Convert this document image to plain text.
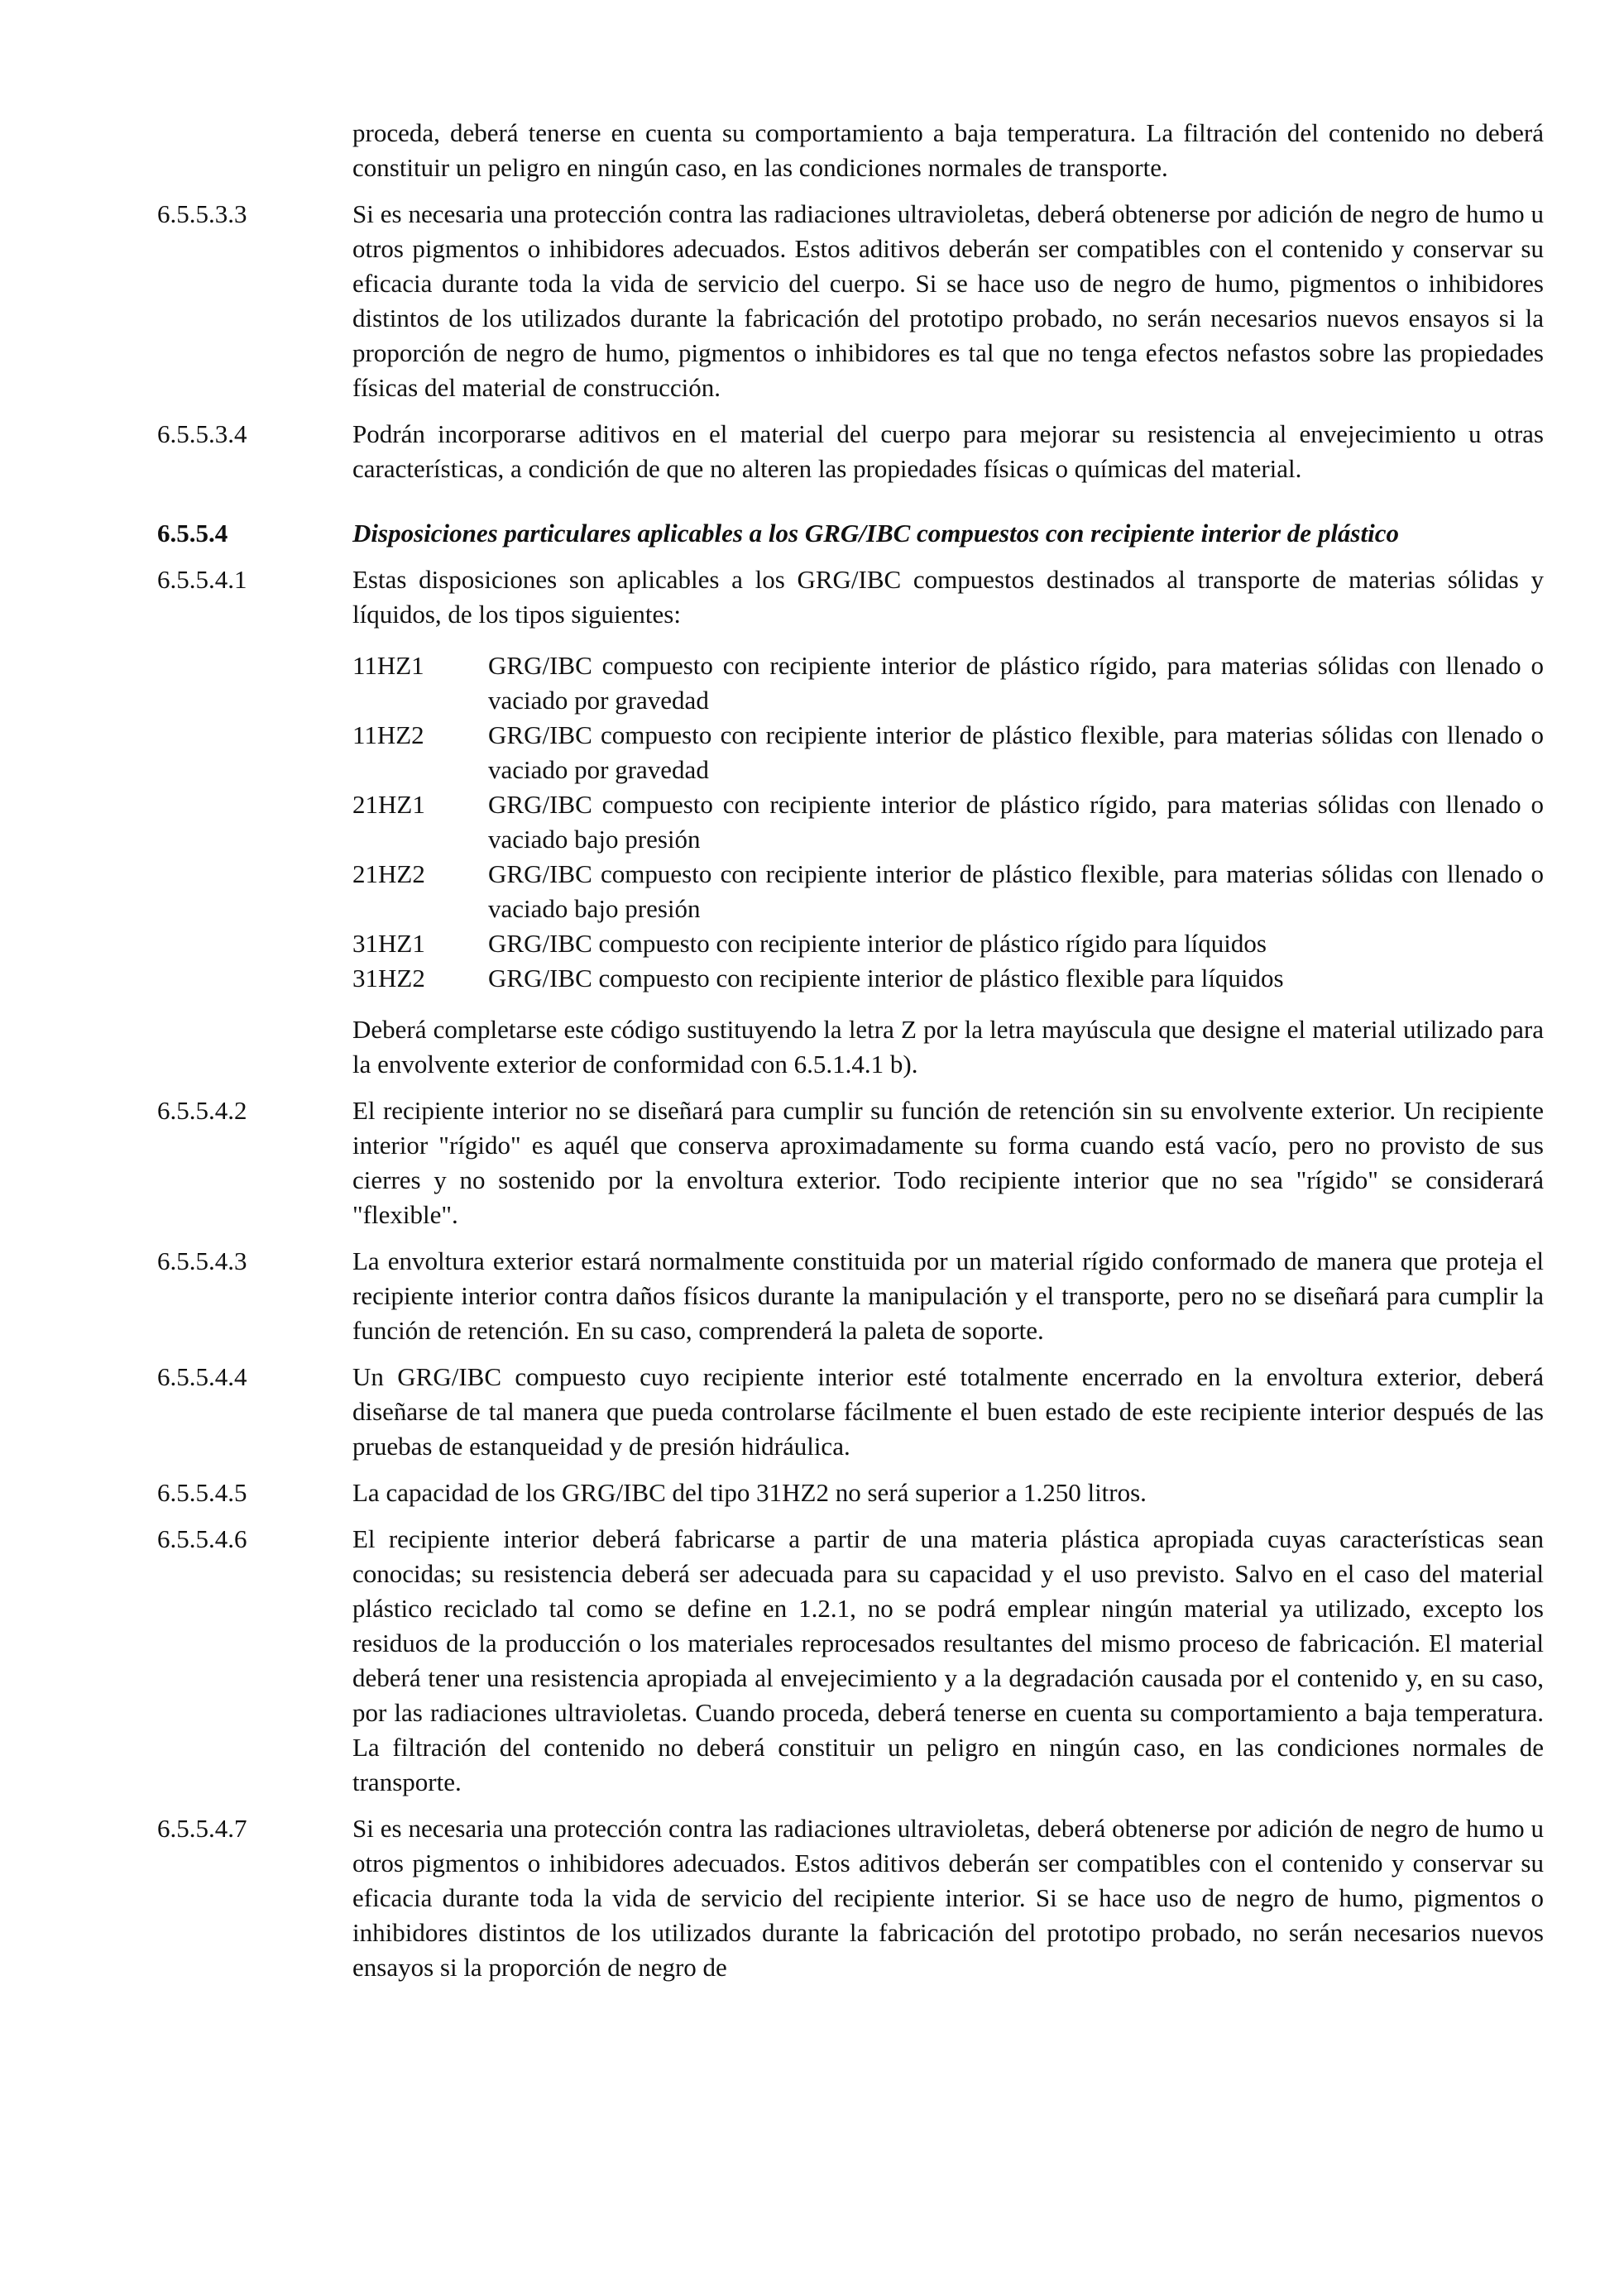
proceda, deberá tenerse en cuenta su comportamiento a baja temperatura. La filtración del contenido no deberá constituir un peligro en ningún caso, en las condiciones normales de transporte.

6.5.5.3.3	Si es necesaria una protección contra las radiaciones ultravioletas, deberá obtenerse por adición de negro de humo u otros pigmentos o inhibidores adecuados. Estos aditivos deberán ser compatibles con el contenido y conservar su eficacia durante toda la vida de servicio del cuerpo. Si se hace uso de negro de humo, pigmentos o inhibidores distintos de los utilizados durante la fabricación del prototipo probado, no serán necesarios nuevos ensayos si la proporción de negro de humo, pigmentos o inhibidores es tal que no tenga efectos nefastos sobre las propiedades físicas del material de construcción.

6.5.5.3.4	Podrán incorporarse aditivos en el material del cuerpo para mejorar su resistencia al envejecimiento u otras características, a condición de que no alteren las propiedades físicas o químicas del material.

6.5.5.4	Disposiciones particulares aplicables a los GRG/IBC compuestos con recipiente interior de plástico

6.5.5.4.1	Estas disposiciones son aplicables a los GRG/IBC compuestos destinados al transporte de materias sólidas y líquidos, de los tipos siguientes:

11HZ1	GRG/IBC compuesto con recipiente interior de plástico rígido, para materias sólidas con llenado o vaciado por gravedad
11HZ2	GRG/IBC compuesto con recipiente interior de plástico flexible, para materias sólidas con llenado o vaciado por gravedad
21HZ1	GRG/IBC compuesto con recipiente interior de plástico rígido, para materias sólidas con llenado o vaciado bajo presión
21HZ2	GRG/IBC compuesto con recipiente interior de plástico flexible, para materias sólidas con llenado o vaciado bajo presión
31HZ1	GRG/IBC compuesto con recipiente interior de plástico rígido para líquidos
31HZ2	GRG/IBC compuesto con recipiente interior de plástico flexible para líquidos

Deberá completarse este código sustituyendo la letra Z por la letra mayúscula que designe el material utilizado para la envolvente exterior de conformidad con 6.5.1.4.1 b).

6.5.5.4.2	El recipiente interior no se diseñará para cumplir su función de retención sin su envolvente exterior. Un recipiente interior "rígido" es aquél que conserva aproximadamente su forma cuando está vacío, pero no provisto de sus cierres y no sostenido por la envoltura exterior. Todo recipiente interior que no sea "rígido" se considerará "flexible".

6.5.5.4.3	La envoltura exterior estará normalmente constituida por un material rígido conformado de manera que proteja el recipiente interior contra daños físicos durante la manipulación y el transporte, pero no se diseñará para cumplir la función de retención. En su caso, comprenderá la paleta de soporte.

6.5.5.4.4	Un GRG/IBC compuesto cuyo recipiente interior esté totalmente encerrado en la envoltura exterior, deberá diseñarse de tal manera que pueda controlarse fácilmente el buen estado de este recipiente interior después de las pruebas de estanqueidad y de presión hidráulica.

6.5.5.4.5	La capacidad de los GRG/IBC del tipo 31HZ2 no será superior a 1.250 litros.

6.5.5.4.6	El recipiente interior deberá fabricarse a partir de una materia plástica apropiada cuyas características sean conocidas; su resistencia deberá ser adecuada para su capacidad y el uso previsto. Salvo en el caso del material plástico reciclado tal como se define en 1.2.1, no se podrá emplear ningún material ya utilizado, excepto los residuos de la producción o los materiales reprocesados resultantes del mismo proceso de fabricación. El material deberá tener una resistencia apropiada al envejecimiento y a la degradación causada por el contenido y, en su caso, por las radiaciones ultravioletas. Cuando proceda, deberá tenerse en cuenta su comportamiento a baja temperatura. La filtración del contenido no deberá constituir un peligro en ningún caso, en las condiciones normales de transporte.

6.5.5.4.7	Si es necesaria una protección contra las radiaciones ultravioletas, deberá obtenerse por adición de negro de humo u otros pigmentos o inhibidores adecuados. Estos aditivos deberán ser compatibles con el contenido y conservar su eficacia durante toda la vida de servicio del recipiente interior. Si se hace uso de negro de humo, pigmentos o inhibidores distintos de los utilizados durante la fabricación del prototipo probado, no serán necesarios nuevos ensayos si la proporción de negro de
